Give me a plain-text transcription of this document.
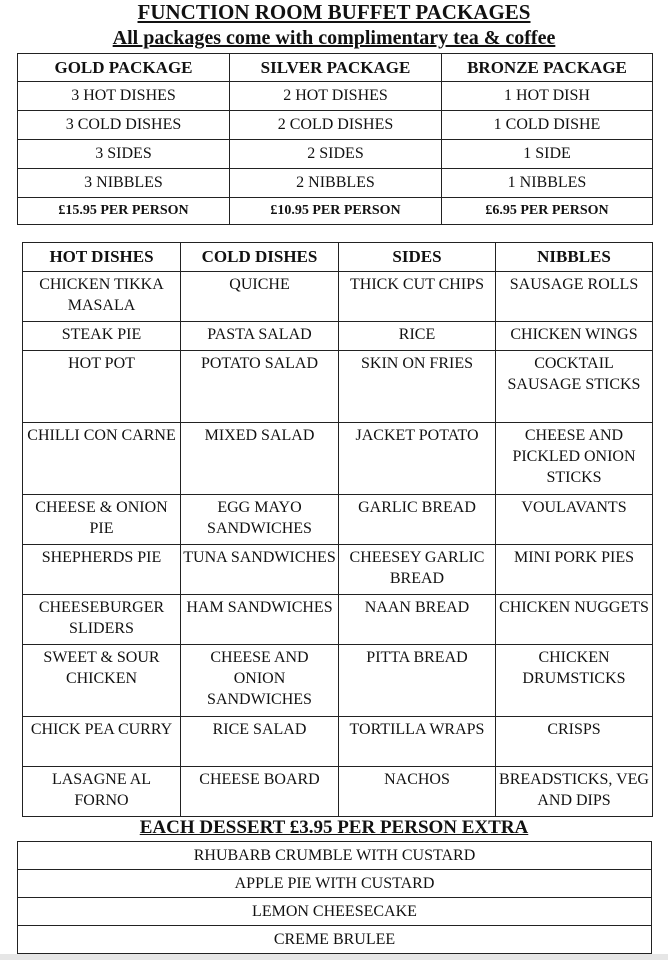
FUNCTION ROOM BUFFET PACKAGES
All packages come with complimentary tea & coffee
GOLD PACKAGE	SILVER PACKAGE	BRONZE PACKAGE
3 HOT DISHES	2 HOT DISHES	1 HOT DISH
3 COLD DISHES	2 COLD DISHES	1 COLD DISHE
3 SIDES	2 SIDES	1 SIDE
3 NIBBLES	2 NIBBLES	1 NIBBLES
£15.95 PER PERSON	£10.95 PER PERSON	£6.95 PER PERSON
HOT DISHES	COLD DISHES	SIDES	NIBBLES
CHICKEN TIKKA MASALA	QUICHE	THICK CUT CHIPS	SAUSAGE ROLLS
STEAK PIE	PASTA SALAD	RICE	CHICKEN WINGS
HOT POT	POTATO SALAD	SKIN ON FRIES	COCKTAIL SAUSAGE STICKS
CHILLI CON CARNE	MIXED SALAD	JACKET POTATO	CHEESE AND PICKLED ONION STICKS
CHEESE & ONION PIE	EGG MAYO SANDWICHES	GARLIC BREAD	VOULAVANTS
SHEPHERDS PIE	TUNA SANDWICHES	CHEESEY GARLIC BREAD	MINI PORK PIES
CHEESEBURGER SLIDERS	HAM SANDWICHES	NAAN BREAD	CHICKEN NUGGETS
SWEET & SOUR CHICKEN	CHEESE AND ONION SANDWICHES	PITTA BREAD	CHICKEN DRUMSTICKS
CHICK PEA CURRY	RICE SALAD	TORTILLA WRAPS	CRISPS
LASAGNE AL FORNO	CHEESE BOARD	NACHOS	BREADSTICKS, VEG AND DIPS
EACH DESSERT £3.95 PER PERSON EXTRA
RHUBARB CRUMBLE WITH CUSTARD
APPLE PIE WITH CUSTARD
LEMON CHEESECAKE
CREME BRULEE
